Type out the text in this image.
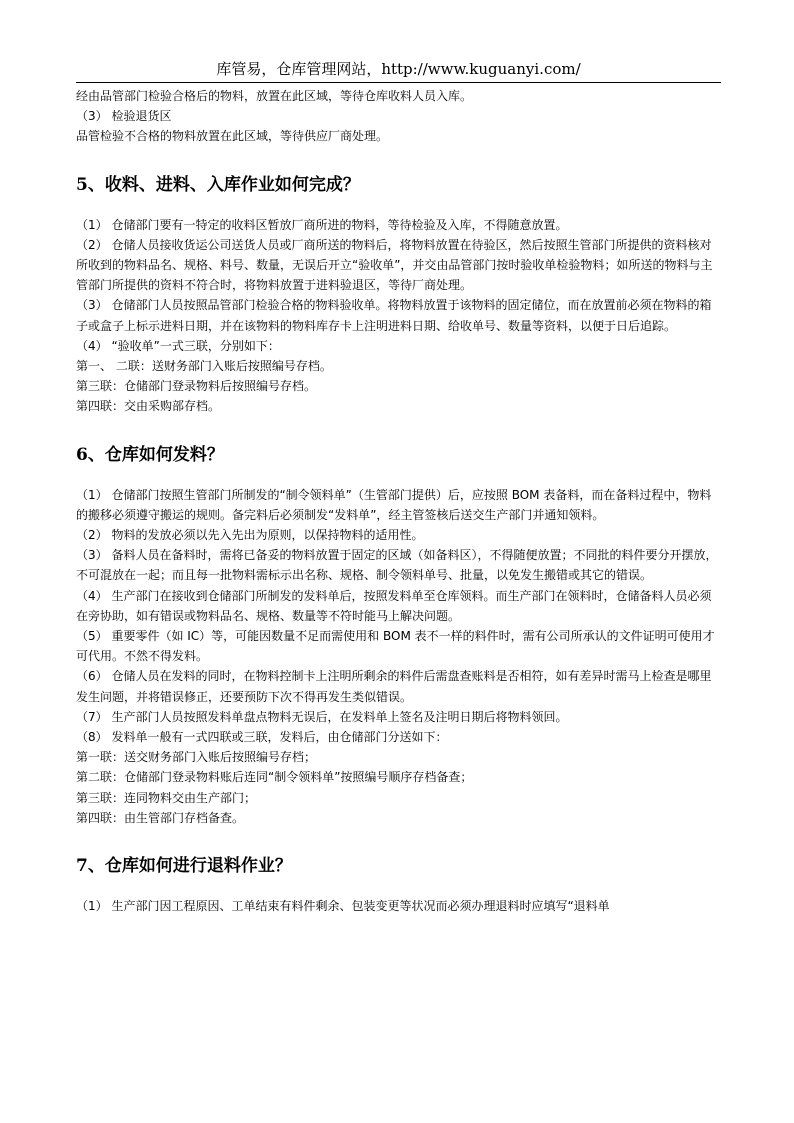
库管易，仓库管理网站，http://www.kuguanyi.com/

经由品管部门检验合格后的物料，放置在此区域，等待仓库收料人员入库。

（3） 检验退货区

品管检验不合格的物料放置在此区域，等待供应厂商处理。

5、收料、进料、入库作业如何完成？

（1） 仓储部门要有一特定的收料区暂放厂商所进的物料，等待检验及入库，不得随意放置。

（2） 仓储人员接收货运公司送货人员或厂商所送的物料后，将物料放置在待验区，然后按照生管部门所提供的资料核对所收到的物料品名、规格、料号、数量，无误后开立“验收单”，并交由品管部门按时验收单检验物料；如所送的物料与主管部门所提供的资料不符合时，将物料放置于进料验退区，等待厂商处理。

（3） 仓储部门人员按照品管部门检验合格的物料验收单。将物料放置于该物料的固定储位，而在放置前必须在物料的箱子或盒子上标示进料日期，并在该物料的物料库存卡上注明进料日期、给收单号、数量等资料，以便于日后追踪。

（4） “验收单”一式三联，分别如下：

第一、 二联：送财务部门入账后按照编号存档。

第三联：仓储部门登录物料后按照编号存档。

第四联：交由采购部存档。

6、仓库如何发料？

（1） 仓储部门按照生管部门所制发的“制令领料单”（生管部门提供）后，应按照 BOM 表备料，而在备料过程中，物料的搬移必须遵守搬运的规则。备完料后必须制发“发料单”，经主管签核后送交生产部门并通知领料。

（2） 物料的发放必须以先入先出为原则，以保持物料的适用性。

（3） 备料人员在备料时，需将已备妥的物料放置于固定的区域（如备料区），不得随便放置；不同批的料件要分开摆放，不可混放在一起；而且每一批物料需标示出名称、规格、制令领料单号、批量，以免发生搬错或其它的错误。

（4） 生产部门在接收到仓储部门所制发的发料单后，按照发料单至仓库领料。而生产部门在领料时，仓储备料人员必须在旁协助，如有错误或物料品名、规格、数量等不符时能马上解决问题。

（5） 重要零件（如 IC）等，可能因数量不足而需使用和 BOM 表不一样的料件时，需有公司所承认的文件证明可使用才可代用。不然不得发料。

（6） 仓储人员在发料的同时，在物料控制卡上注明所剩余的料件后需盘查账料是否相符，如有差异时需马上检查是哪里发生问题，并将错误修正，还要预防下次不得再发生类似错误。

（7） 生产部门人员按照发料单盘点物料无误后，在发料单上签名及注明日期后将物料领回。

（8） 发料单一般有一式四联或三联，发料后，由仓储部门分送如下：

第一联：送交财务部门入账后按照编号存档；

第二联：仓储部门登录物料账后连同“制令领料单”按照编号顺序存档备查；

第三联：连同物料交由生产部门；

第四联：由生管部门存档备查。

7、仓库如何进行退料作业？

（1） 生产部门因工程原因、工单结束有料件剩余、包装变更等状况而必须办理退料时应填写“退料单
